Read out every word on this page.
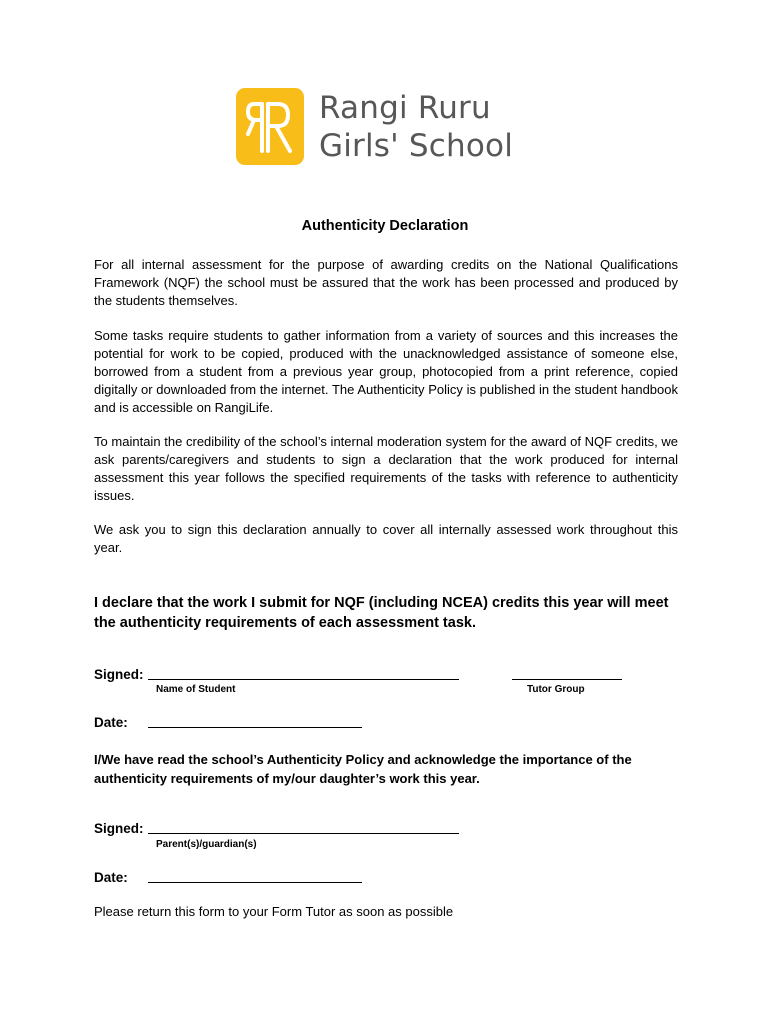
Rangi Ruru
Girls' School
Authenticity Declaration
For all internal assessment for the purpose of awarding credits on the National Qualifications Framework (NQF) the school must be assured that the work has been processed and produced by the students themselves.
Some tasks require students to gather information from a variety of sources and this increases the potential for work to be copied, produced with the unacknowledged assistance of someone else, borrowed from a student from a previous year group, photocopied from a print reference, copied digitally or downloaded from the internet. The Authenticity Policy is published in the student handbook and is accessible on RangiLife.
To maintain the credibility of the school’s internal moderation system for the award of NQF credits, we ask parents/caregivers and students to sign a declaration that the work produced for internal assessment this year follows the specified requirements of the tasks with reference to authenticity issues.
We ask you to sign this declaration annually to cover all internally assessed work throughout this year.
I declare that the work I submit for NQF (including NCEA) credits this year will meet the authenticity requirements of each assessment task.
Signed:
Name of Student	Tutor Group
Date:
I/We have read the school’s Authenticity Policy and acknowledge the importance of the authenticity requirements of my/our daughter’s work this year.
Signed:
Parent(s)/guardian(s)
Date:
Please return this form to your Form Tutor as soon as possible
